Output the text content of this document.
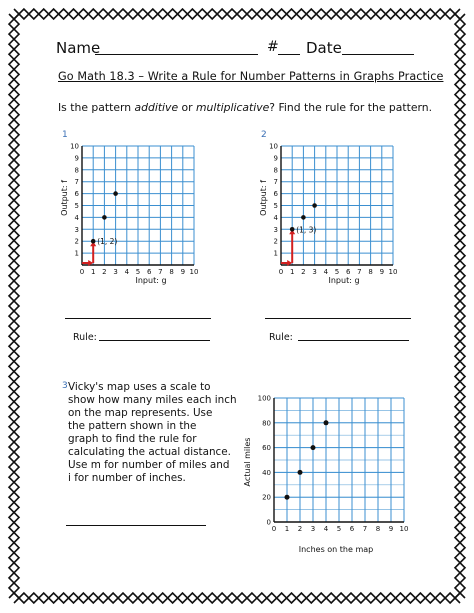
Name	# Date
Go Math 18.3 – Write a Rule for Number Patterns in Graphs Practice
Is the pattern additive or multiplicative? Find the rule for the pattern.
1
0 1 2 3 4 5 6 7 8 9 10
1
2
3
4
5
6
7
8
9
10
(1, 2)
Input: g
Output: f
Rule:
2
0 1 2 3 4 5 6 7 8 9 10
1
2
3
4
5
6
7
8
9
10
(1, 3)
Input: g
Output: f
Rule:
3 Vicky's map uses a scale to
show how many miles each inch
on the map represents. Use
the pattern shown in the
graph to find the rule for
calculating the actual distance.
Use m for number of miles and
i for number of inches.
0 1 2 3 4 5 6 7 8 9 10
0
20
40
60
80
100
Inches on the map
Actual miles
